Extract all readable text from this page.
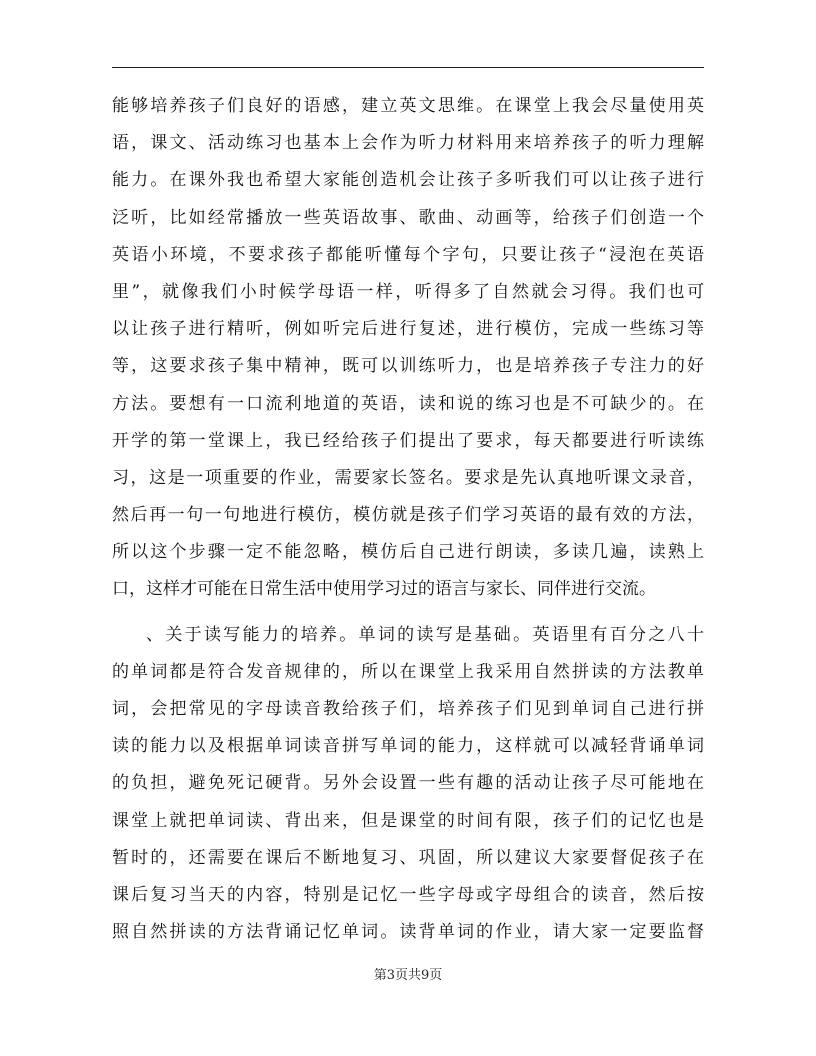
能够培养孩子们良好的语感，建立英文思维。在课堂上我会尽量使用英
语，课文、活动练习也基本上会作为听力材料用来培养孩子的听力理解
能力。在课外我也希望大家能创造机会让孩子多听我们可以让孩子进行
泛听，比如经常播放一些英语故事、歌曲、动画等，给孩子们创造一个
英语小环境，不要求孩子都能听懂每个字句，只要让孩子“浸泡在英语
里”，就像我们小时候学母语一样，听得多了自然就会习得。我们也可
以让孩子进行精听，例如听完后进行复述，进行模仿，完成一些练习等
等，这要求孩子集中精神，既可以训练听力，也是培养孩子专注力的好
方法。要想有一口流利地道的英语，读和说的练习也是不可缺少的。在
开学的第一堂课上，我已经给孩子们提出了要求，每天都要进行听读练
习，这是一项重要的作业，需要家长签名。要求是先认真地听课文录音，
然后再一句一句地进行模仿，模仿就是孩子们学习英语的最有效的方法，
所以这个步骤一定不能忽略，模仿后自己进行朗读，多读几遍，读熟上
口，这样才可能在日常生活中使用学习过的语言与家长、同伴进行交流。
、关于读写能力的培养。单词的读写是基础。英语里有百分之八十
的单词都是符合发音规律的，所以在课堂上我采用自然拼读的方法教单
词，会把常见的字母读音教给孩子们，培养孩子们见到单词自己进行拼
读的能力以及根据单词读音拼写单词的能力，这样就可以减轻背诵单词
的负担，避免死记硬背。另外会设置一些有趣的活动让孩子尽可能地在
课堂上就把单词读、背出来，但是课堂的时间有限，孩子们的记忆也是
暂时的，还需要在课后不断地复习、巩固，所以建议大家要督促孩子在
课后复习当天的内容，特别是记忆一些字母或字母组合的读音，然后按
照自然拼读的方法背诵记忆单词。读背单词的作业，请大家一定要监督
第3页共9页
